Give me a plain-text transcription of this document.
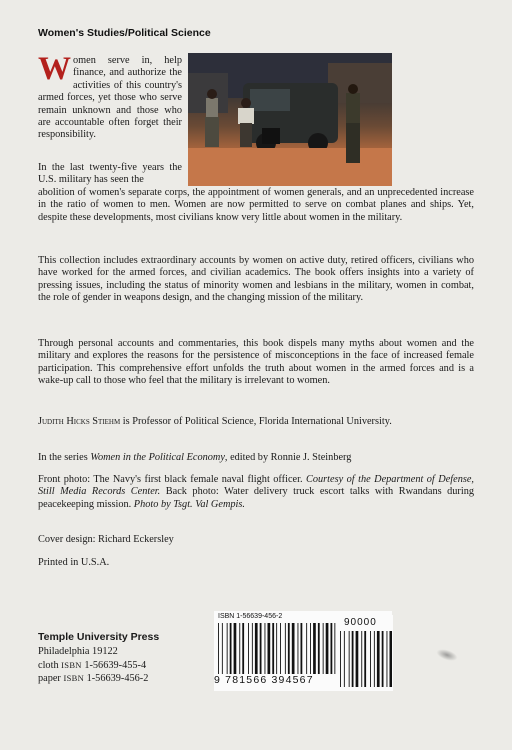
Women's Studies/Political Science
Women serve in, help finance, and authorize the activities of this country's armed forces, yet those who serve remain unknown and those who are accountable often forget their responsibility.
In the last twenty-five years the U.S. military has seen the
abolition of women's separate corps, the appointment of women generals, and an unprecedented increase in the ratio of women to men. Women are now permitted to serve on combat planes and ships. Yet, despite these developments, most civilians know very little about women in the military.
This collection includes extraordinary accounts by women on active duty, retired officers, civilians who have worked for the armed forces, and civilian academics. The book offers insights into a variety of pressing issues, including the status of minority women and lesbians in the military, women in combat, the role of gender in weapons design, and the changing mission of the military.
Through personal accounts and commentaries, this book dispels many myths about women and the military and explores the reasons for the persistence of misconceptions in the face of increased female participation. This comprehensive effort unfolds the truth about women in the armed forces and is a wake-up call to those who feel that the military is irrelevant to women.
Judith Hicks Stiehm is Professor of Political Science, Florida International University.
In the series Women in the Political Economy, edited by Ronnie J. Steinberg
Front photo: The Navy's first black female naval flight officer. Courtesy of the Department of Defense, Still Media Records Center. Back photo: Water delivery truck escort talks with Rwandans during peacekeeping mission. Photo by Tsgt. Val Gempis.
Cover design: Richard Eckersley
Printed in U.S.A.
Temple University Press
Philadelphia 19122
cloth ISBN 1-56639-455-4
paper ISBN 1-56639-456-2
ISBN 1-56639-456-2
90000
9 781566 394567
